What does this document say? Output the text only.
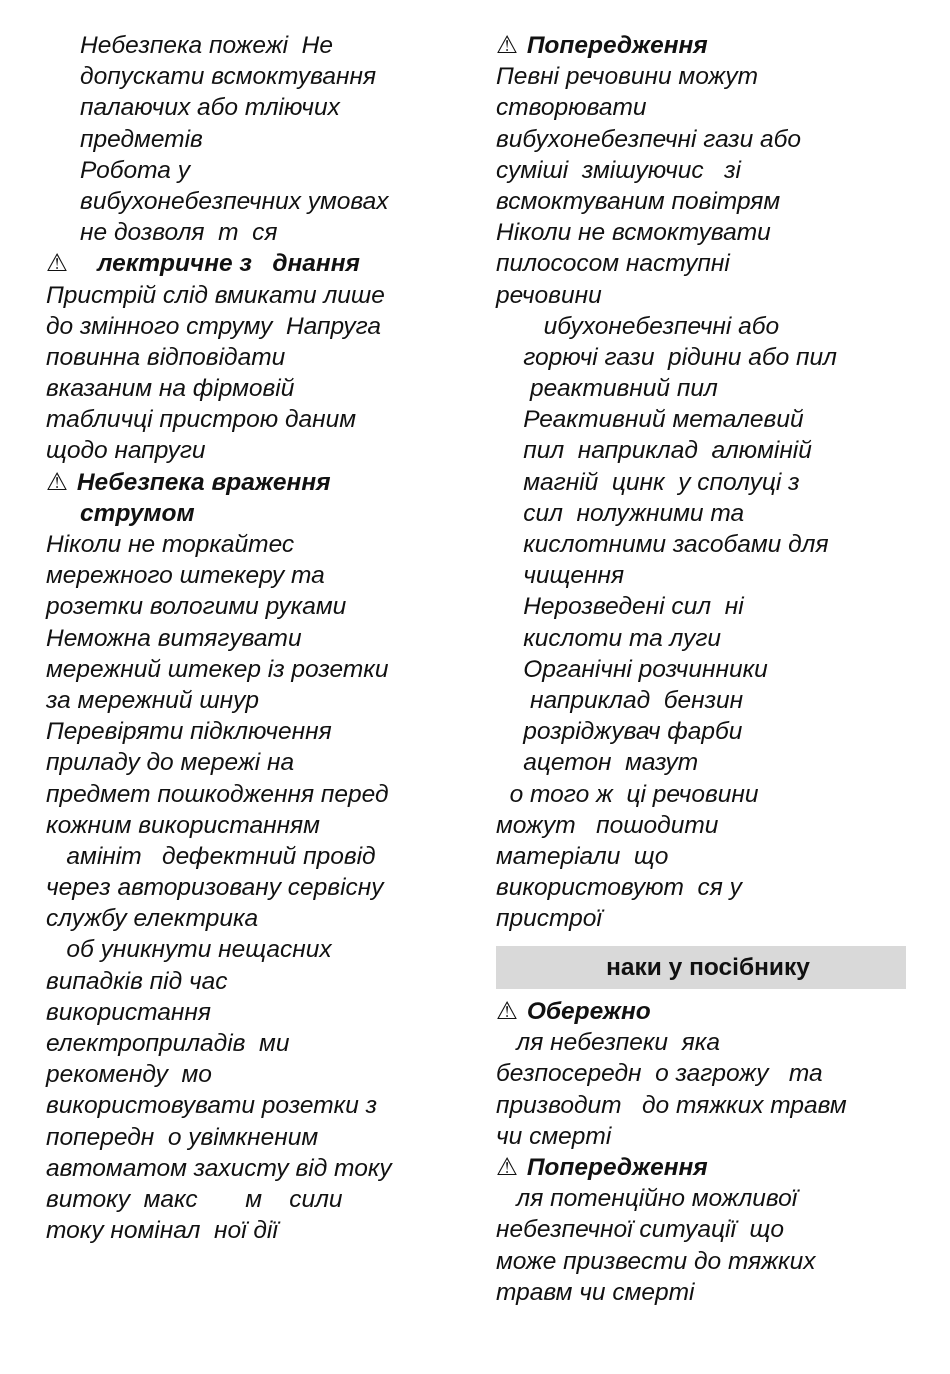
Небезпека пожежі  Не
допускати всмоктування
палаючих або тліючих
предметів
Робота у
вибухонебезпечних умовах
не дозволя  т  ся
⚠    лектричне з   днання
Пристрій слід вмикати лише
до змінного струму  Напруга
повинна відповідати
вказаним на фірмовій
табличці пристрою даним
щодо напруги
⚠ Небезпека враження
струмом
Ніколи не торкайтес
мережного штекеру та
розетки вологими руками
Неможна витягувати
мережний штекер із розетки
за мережний шнур
Перевіряти підключення
приладу до мережі на
предмет пошкодження перед
кожним використанням
амініт   дефектний провід
через авторизовану сервісну
службу електрика
об уникнути нещасних
випадків під час
використання
електроприладів  ми
рекоменду  мо
використовувати розетки з
попередн  о увімкненим
автоматом захисту від току
витоку  макс       м    сили
току номінал  ної дії
⚠ Попередження
Певні речовини можут
створювати
вибухонебезпечні гази або
суміші  змішуючис   зі
всмоктуваним повітрям
Ніколи не всмоктувати
пилососом наступні
речовини
ибухонебезпечні або
горючі гази  рідини або пил
реактивний пил
Реактивний металевий
пил  наприклад  алюміній
магній  цинк  у сполуці з
сил  нолужними та
кислотними засобами для
чищення
Нерозведені сил  ні
кислоти та луги
Органічні розчинники
наприклад  бензин
розріджувач фарби
ацетон  мазут
о того ж  ці речовини
можут   пошодити
матеріали  що
використовуют  ся у
пристрої
наки у посібнику
⚠ Обережно
ля небезпеки  яка
безпосередн  о загрожу   та
призводит   до тяжких травм
чи смерті
⚠ Попередження
ля потенційно можливої
небезпечної ситуації  що
може призвести до тяжких
травм чи смерті
